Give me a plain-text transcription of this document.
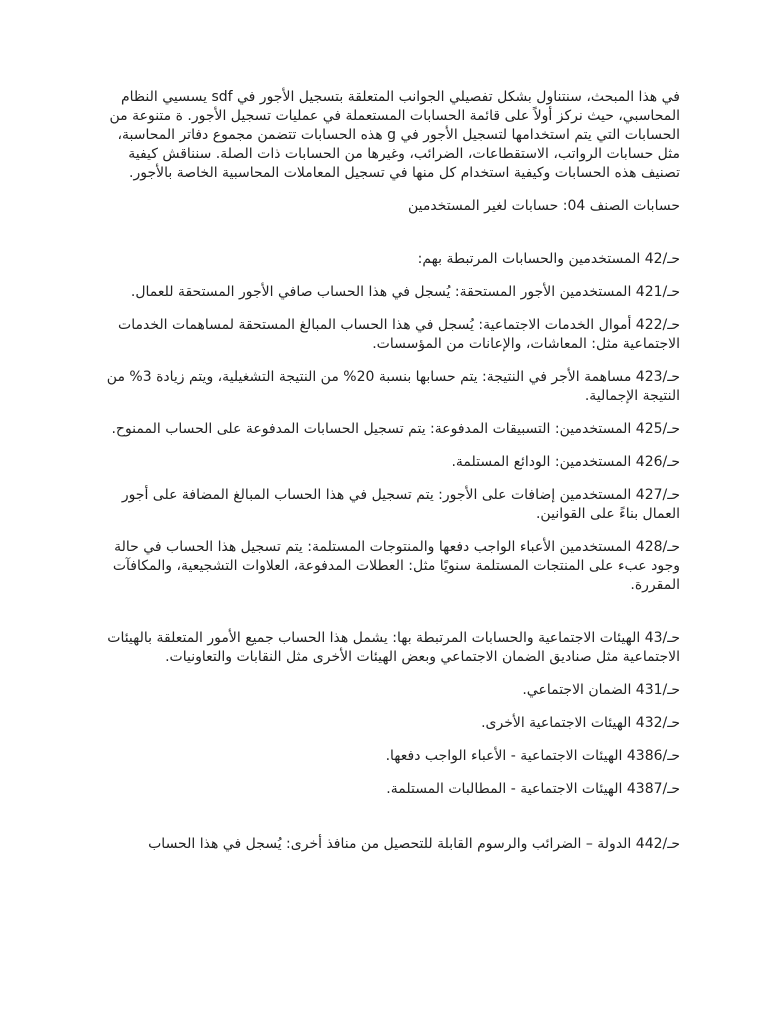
في هذا المبحث، سنتناول بشكل تفصيلي الجوانب المتعلقة بتسجيل الأجور في sdf يسسيي النظام المحاسبي، حيث نركز أولاً على قائمة الحسابات المستعملة في عمليات تسجيل الأجور. ة متنوعة من الحسابات التي يتم استخدامها لتسجيل الأجور في g هذه الحسابات تتضمن مجموع دفاتر المحاسبة، مثل حسابات الرواتب، الاستقطاعات، الضرائب، وغيرها من الحسابات ذات الصلة. سنناقش كيفية تصنيف هذه الحسابات وكيفية استخدام كل منها في تسجيل المعاملات المحاسبية الخاصة بالأجور.

حسابات الصنف 04: حسابات لغير المستخدمين

حـ/42 المستخدمين والحسابات المرتبطة بهم:

حـ/421 المستخدمين الأجور المستحقة: يُسجل في هذا الحساب صافي الأجور المستحقة للعمال.

حـ/422 أموال الخدمات الاجتماعية: يُسجل في هذا الحساب المبالغ المستحقة لمساهمات الخدمات الاجتماعية مثل: المعاشات، والإعانات من المؤسسات.

حـ/423 مساهمة الأجر في النتيجة: يتم حسابها بنسبة 20% من النتيجة التشغيلية، ويتم زيادة 3% من النتيجة الإجمالية.

حـ/425 المستخدمين: التسبيقات المدفوعة: يتم تسجيل الحسابات المدفوعة على الحساب الممنوح.

حـ/426 المستخدمين: الودائع المستلمة.

حـ/427 المستخدمين إضافات على الأجور: يتم تسجيل في هذا الحساب المبالغ المضافة على أجور العمال بناءً على القوانين.

حـ/428 المستخدمين الأعباء الواجب دفعها والمنتوجات المستلمة: يتم تسجيل هذا الحساب في حالة وجود عبء على المنتجات المستلمة سنويًا مثل: العطلات المدفوعة، العلاوات التشجيعية، والمكافآت المقررة.

حـ/43 الهيئات الاجتماعية والحسابات المرتبطة بها: يشمل هذا الحساب جميع الأمور المتعلقة بالهيئات الاجتماعية مثل صناديق الضمان الاجتماعي وبعض الهيئات الأخرى مثل النقابات والتعاونيات.

حـ/431 الضمان الاجتماعي.

حـ/432 الهيئات الاجتماعية الأخرى.

حـ/4386 الهيئات الاجتماعية - الأعباء الواجب دفعها.

حـ/4387 الهيئات الاجتماعية - المطالبات المستلمة.

حـ/442 الدولة – الضرائب والرسوم القابلة للتحصيل من منافذ أخرى: يُسجل في هذا الحساب
